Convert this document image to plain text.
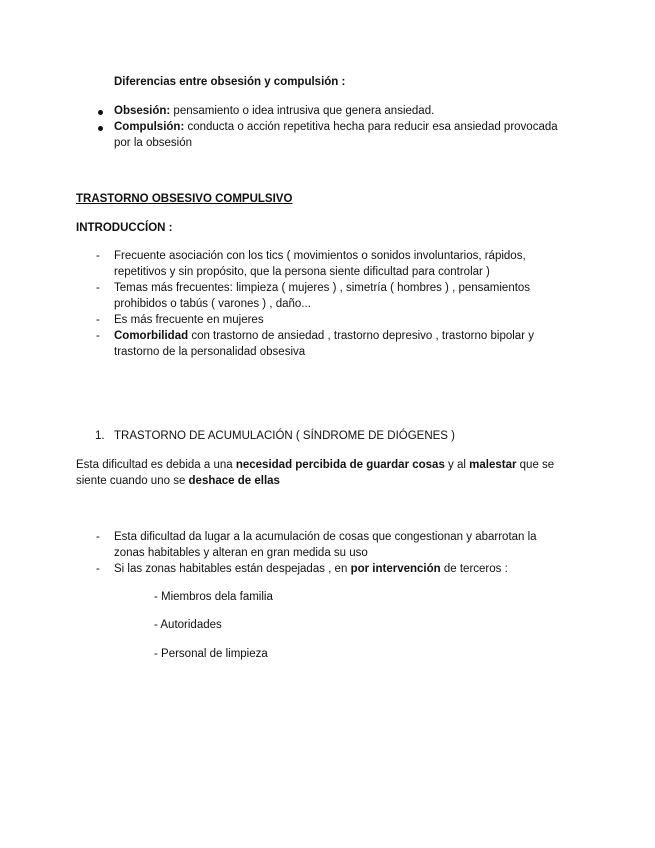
Diferencias entre obsesión y compulsión :
Obsesión: pensamiento o idea intrusiva que genera ansiedad.
Compulsión: conducta o acción repetitiva hecha para reducir esa ansiedad provocada
por la obsesión
TRASTORNO OBSESIVO COMPULSIVO
INTRODUCCÍON :
- Frecuente asociación con los tics ( movimientos o sonidos involuntarios, rápidos,
repetitivos y sin propósito, que la persona siente dificultad para controlar )
- Temas más frecuentes: limpieza ( mujeres ) , simetría ( hombres ) , pensamientos
prohibidos o tabús ( varones ) , daño...
- Es más frecuente en mujeres
- Comorbilidad con trastorno de ansiedad , trastorno depresivo , trastorno bipolar y
trastorno de la personalidad obsesiva
1. TRASTORNO DE ACUMULACIÓN ( SÍNDROME DE DIÓGENES )
Esta dificultad es debida a una necesidad percibida de guardar cosas y al malestar que se
siente cuando uno se deshace de ellas
- Esta dificultad da lugar a la acumulación de cosas que congestionan y abarrotan la
zonas habitables y alteran en gran medida su uso
- Si las zonas habitables están despejadas , en por intervención de terceros :
- Miembros dela familia
- Autoridades
- Personal de limpieza
